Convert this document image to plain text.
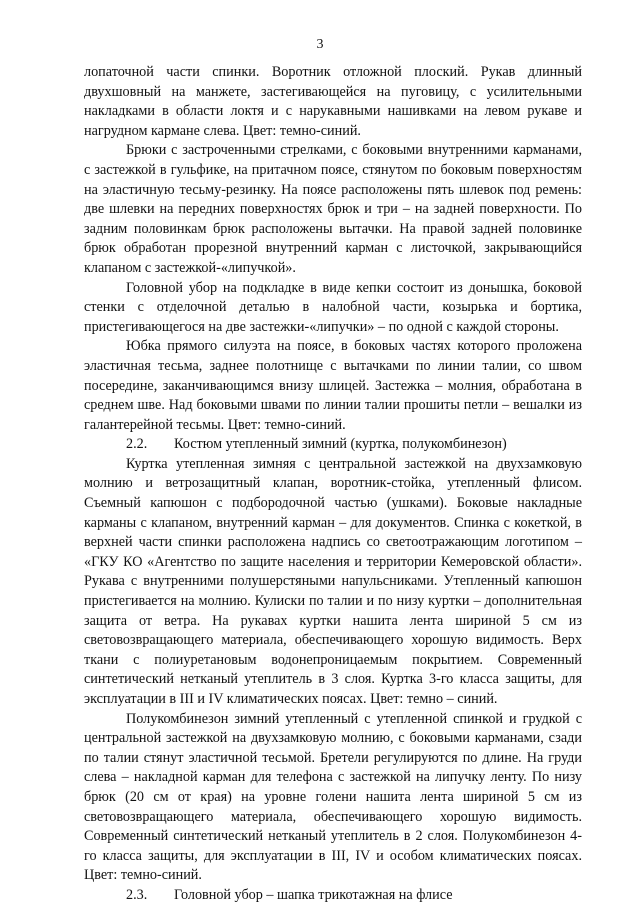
3

лопаточной части спинки. Воротник отложной плоский. Рукав длинный двухшовный на манжете, застегивающейся на пуговицу, с усилительными накладками в области локтя и с нарукавными нашивками на левом рукаве и нагрудном кармане слева. Цвет: темно-синий.

Брюки с застроченными стрелками, с боковыми внутренними карманами, с застежкой в гульфике, на притачном поясе, стянутом по боковым поверхностям на эластичную тесьму-резинку. На поясе расположены пять шлевок под ремень: две шлевки на передних поверхностях брюк и три – на задней поверхности. По задним половинкам брюк расположены вытачки. На правой задней половинке брюк обработан прорезной внутренний карман с листочкой, закрывающийся клапаном с застежкой-«липучкой».

Головной убор на подкладке в виде кепки состоит из донышка, боковой стенки с отделочной деталью в налобной части, козырька и бортика, пристегивающегося на две застежки-«липучки» – по одной с каждой стороны.

Юбка прямого силуэта на поясе, в боковых частях которого проложена эластичная тесьма, заднее полотнище с вытачками по линии талии, со швом посередине, заканчивающимся внизу шлицей. Застежка – молния, обработана в среднем шве. Над боковыми швами по линии талии прошиты петли – вешалки из галантерейной тесьмы. Цвет: темно-синий.

2.2. Костюм утепленный зимний (куртка, полукомбинезон)

Куртка утепленная зимняя с центральной застежкой на двухзамковую молнию и ветрозащитный клапан, воротник-стойка, утепленный флисом. Съемный капюшон с подбородочной частью (ушками). Боковые накладные карманы с клапаном, внутренний карман – для документов. Спинка с кокеткой, в верхней части спинки расположена надпись со светоотражающим логотипом – «ГКУ КО «Агентство по защите населения и территории Кемеровской области». Рукава с внутренними полушерстяными напульсниками. Утепленный капюшон пристегивается на молнию. Кулиски по талии и по низу куртки – дополнительная защита от ветра. На рукавах куртки нашита лента шириной 5 см из световозвращающего материала, обеспечивающего хорошую видимость. Верх ткани с полиуретановым водонепроницаемым покрытием. Современный синтетический нетканый утеплитель в 3 слоя. Куртка 3-го класса защиты, для эксплуатации в III и IV климатических поясах. Цвет: темно – синий.

Полукомбинезон зимний утепленный с утепленной спинкой и грудкой с центральной застежкой на двухзамковую молнию, с боковыми карманами, сзади по талии стянут эластичной тесьмой. Бретели регулируются по длине. На груди слева – накладной карман для телефона с застежкой на липучку ленту. По низу брюк (20 см от края) на уровне голени нашита лента шириной 5 см из световозвращающего материала, обеспечивающего хорошую видимость. Современный синтетический нетканый утеплитель в 2 слоя. Полукомбинезон 4-го класса защиты, для эксплуатации в III, IV и особом климатических поясах. Цвет: темно-синий.

2.3. Головной убор – шапка трикотажная на флисе
